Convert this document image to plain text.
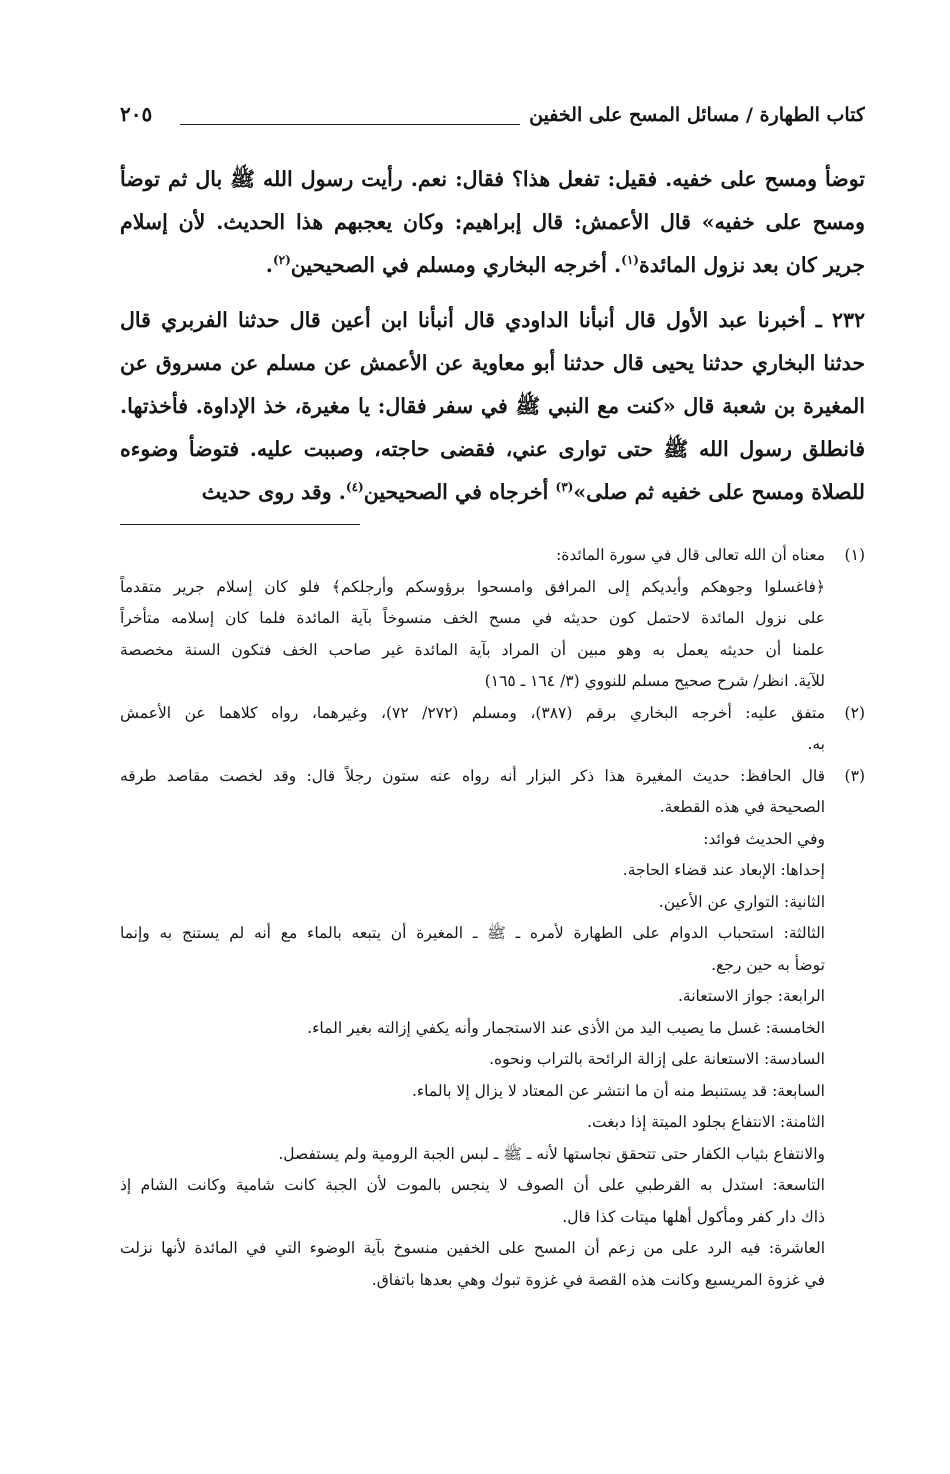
كتاب الطهارة / مسائل المسح على الخفين
٢٠٥

توضأ ومسح على خفيه. فقيل: تفعل هذا؟ فقال: نعم. رأيت رسول الله ﷺ بال ثم توضأ ومسح على خفيه» قال الأعمش: قال إبراهيم: وكان يعجبهم هذا الحديث. لأن إسلام جرير كان بعد نزول المائدة$^{(١)}$. أخرجه البخاري ومسلم في الصحيحين$^{(٢)}$.

٢٣٢ ـ أخبرنا عبد الأول قال أنبأنا الداودي قال أنبأنا ابن أعين قال حدثنا الفربري قال حدثنا البخاري حدثنا يحيى قال حدثنا أبو معاوية عن الأعمش عن مسلم عن مسروق عن المغيرة بن شعبة قال «كنت مع النبي ﷺ في سفر فقال: يا مغيرة، خذ الإداوة. فأخذتها. فانطلق رسول الله ﷺ حتى توارى عني، فقضى حاجته، وصببت عليه. فتوضأ وضوءه للصلاة ومسح على خفيه ثم صلى»$^{(٣)}$ أخرجاه في الصحيحين$^{(٤)}$. وقد روى حديث

(١)
معناه أن الله تعالى قال في سورة المائدة:
﴿فاغسلوا وجوهكم وأيديكم إلى المرافق وامسحوا برؤوسكم وأرجلكم﴾ فلو كان إسلام جرير متقدماً
على نزول المائدة لاحتمل كون حديثه في مسح الخف منسوخاً بآية المائدة فلما كان إسلامه متأخراً
علمنا أن حديثه يعمل به وهو مبين أن المراد بآية المائدة غير صاحب الخف فتكون السنة مخصصة
للآية. انظر/ شرح صحيح مسلم للنووي (٣/ ١٦٤ ـ ١٦٥)
(٢)
متفق عليه: أخرجه البخاري برقم (٣٨٧)، ومسلم (٢٧٢/ ٧٢)، وغيرهما، رواه كلاهما عن الأعمش
به.
(٣)
قال الحافظ: حديث المغيرة هذا ذكر البزار أنه رواه عنه ستون رجلاً قال: وقد لخصت مقاصد طرقه
الصحيحة في هذه القطعة.
وفي الحديث فوائد:
إحداها: الإبعاد عند قضاء الحاجة.
الثانية: التواري عن الأعين.
الثالثة: استحباب الدوام على الطهارة لأمره ـ ﷺ ـ المغيرة أن يتبعه بالماء مع أنه لم يستنج به وإنما
توضأ به حين رجع.
الرابعة: جواز الاستعانة.
الخامسة: غسل ما يصيب اليد من الأذى عند الاستجمار وأنه يكفي إزالته بغير الماء.
السادسة: الاستعانة على إزالة الرائحة بالتراب ونحوه.
السابعة: قد يستنبط منه أن ما انتشر عن المعتاد لا يزال إلا بالماء.
الثامنة: الانتفاع بجلود الميتة إذا دبغت.
والانتفاع بثياب الكفار حتى تتحقق نجاستها لأنه ـ ﷺ ـ لبس الجبة الرومية ولم يستفصل.
التاسعة: استدل به القرطبي على أن الصوف لا ينجس بالموت لأن الجبة كانت شامية وكانت الشام إذ
ذاك دار كفر ومأكول أهلها ميتات كذا قال.
العاشرة: فيه الرد على من زعم أن المسح على الخفين منسوخ بآية الوضوء التي في المائدة لأنها نزلت
في غزوة المريسيع وكانت هذه القصة في غزوة تبوك وهي بعدها باتفاق.
